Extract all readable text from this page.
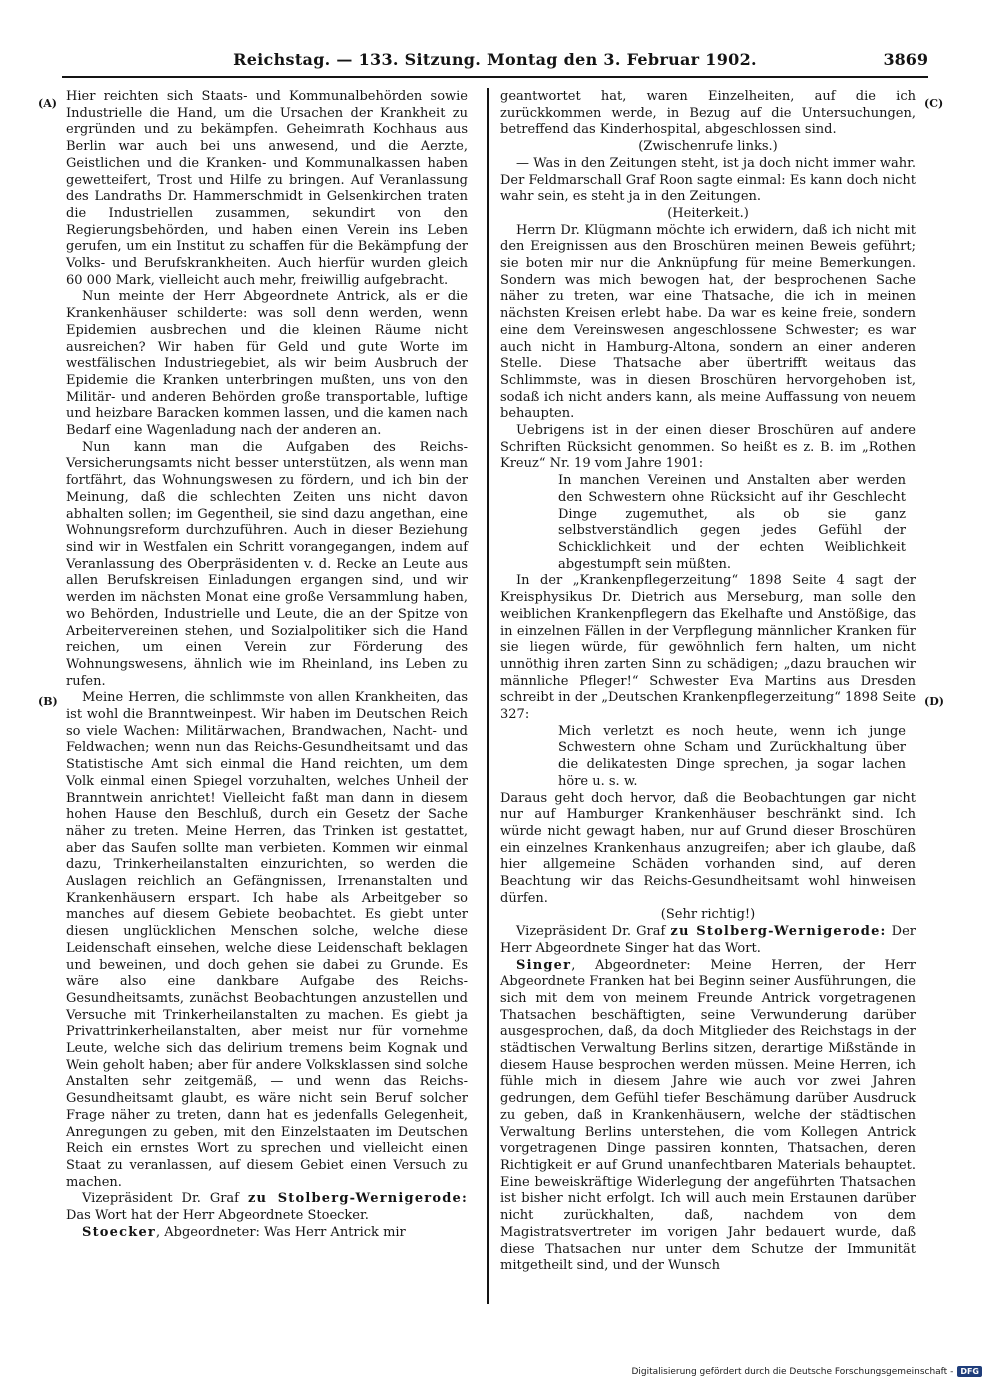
Reichstag. — 133. Sitzung. Montag den 3. Februar 1902.	3869
(A)
(B)
(C)
(D)

Hier reichten sich Staats- und Kommunalbehörden sowie Industrielle die Hand, um die Ursachen der Krankheit zu ergründen und zu bekämpfen. Geheimrath Kochhaus aus Berlin war auch bei uns anwesend, und die Aerzte, Geistlichen und die Kranken- und Kommunalkassen haben gewetteifert, Trost und Hilfe zu bringen. Auf Veranlassung des Landraths Dr. Hammerschmidt in Gelsenkirchen traten die Industriellen zusammen, sekundirt von den Regierungsbehörden, und haben einen Verein ins Leben gerufen, um ein Institut zu schaffen für die Bekämpfung der Volks- und Berufskrankheiten. Auch hierfür wurden gleich 60 000 Mark, vielleicht auch mehr, freiwillig aufgebracht.

Nun meinte der Herr Abgeordnete Antrick, als er die Krankenhäuser schilderte: was soll denn werden, wenn Epidemien ausbrechen und die kleinen Räume nicht ausreichen? Wir haben für Geld und gute Worte im westfälischen Industriegebiet, als wir beim Ausbruch der Epidemie die Kranken unterbringen mußten, uns von den Militär- und anderen Behörden große transportable, luftige und heizbare Baracken kommen lassen, und die kamen nach Bedarf eine Wagenladung nach der anderen an.

Nun kann man die Aufgaben des Reichs-Versicherungsamts nicht besser unterstützen, als wenn man fortfährt, das Wohnungswesen zu fördern, und ich bin der Meinung, daß die schlechten Zeiten uns nicht davon abhalten sollen; im Gegentheil, sie sind dazu angethan, eine Wohnungsreform durchzuführen. Auch in dieser Beziehung sind wir in Westfalen ein Schritt vorangegangen, indem auf Veranlassung des Oberpräsidenten v. d. Recke an Leute aus allen Berufskreisen Einladungen ergangen sind, und wir werden im nächsten Monat eine große Versammlung haben, wo Behörden, Industrielle und Leute, die an der Spitze von Arbeitervereinen stehen, und Sozialpolitiker sich die Hand reichen, um einen Verein zur Förderung des Wohnungswesens, ähnlich wie im Rheinland, ins Leben zu rufen.

Meine Herren, die schlimmste von allen Krankheiten, das ist wohl die Branntweinpest. Wir haben im Deutschen Reich so viele Wachen: Militärwachen, Brandwachen, Nacht- und Feldwachen; wenn nun das Reichs-Gesundheitsamt und das Statistische Amt sich einmal die Hand reichten, um dem Volk einmal einen Spiegel vorzuhalten, welches Unheil der Branntwein anrichtet! Vielleicht faßt man dann in diesem hohen Hause den Beschluß, durch ein Gesetz der Sache näher zu treten. Meine Herren, das Trinken ist gestattet, aber das Saufen sollte man verbieten. Kommen wir einmal dazu, Trinkerheilanstalten einzurichten, so werden die Auslagen reichlich an Gefängnissen, Irrenanstalten und Krankenhäusern erspart. Ich habe als Arbeitgeber so manches auf diesem Gebiete beobachtet. Es giebt unter diesen unglücklichen Menschen solche, welche diese Leidenschaft einsehen, welche diese Leidenschaft beklagen und beweinen, und doch gehen sie dabei zu Grunde. Es wäre also eine dankbare Aufgabe des Reichs-Gesundheitsamts, zunächst Beobachtungen anzustellen und Versuche mit Trinkerheilanstalten zu machen. Es giebt ja Privattrinkerheilanstalten, aber meist nur für vornehme Leute, welche sich das delirium tremens beim Kognak und Wein geholt haben; aber für andere Volksklassen sind solche Anstalten sehr zeitgemäß, — und wenn das Reichs-Gesundheitsamt glaubt, es wäre nicht sein Beruf solcher Frage näher zu treten, dann hat es jedenfalls Gelegenheit, Anregungen zu geben, mit den Einzelstaaten im Deutschen Reich ein ernstes Wort zu sprechen und vielleicht einen Staat zu veranlassen, auf diesem Gebiet einen Versuch zu machen.

Vizepräsident Dr. Graf zu Stolberg-Wernigerode: Das Wort hat der Herr Abgeordnete Stoecker.

Stoecker, Abgeordneter: Was Herr Antrick mir

geantwortet hat, waren Einzelheiten, auf die ich zurückkommen werde, in Bezug auf die Untersuchungen, betreffend das Kinderhospital, abgeschlossen sind.

(Zwischenrufe links.)

— Was in den Zeitungen steht, ist ja doch nicht immer wahr. Der Feldmarschall Graf Roon sagte einmal: Es kann doch nicht wahr sein, es steht ja in den Zeitungen.

(Heiterkeit.)

Herrn Dr. Klügmann möchte ich erwidern, daß ich nicht mit den Ereignissen aus den Broschüren meinen Beweis geführt; sie boten mir nur die Anknüpfung für meine Bemerkungen. Sondern was mich bewogen hat, der besprochenen Sache näher zu treten, war eine Thatsache, die ich in meinen nächsten Kreisen erlebt habe. Da war es keine freie, sondern eine dem Vereinswesen angeschlossene Schwester; es war auch nicht in Hamburg-Altona, sondern an einer anderen Stelle. Diese Thatsache aber übertrifft weitaus das Schlimmste, was in diesen Broschüren hervorgehoben ist, sodaß ich nicht anders kann, als meine Auffassung von neuem behaupten.

Uebrigens ist in der einen dieser Broschüren auf andere Schriften Rücksicht genommen. So heißt es z. B. im „Rothen Kreuz“ Nr. 19 vom Jahre 1901:

In manchen Vereinen und Anstalten aber werden den Schwestern ohne Rücksicht auf ihr Geschlecht Dinge zugemuthet, als ob sie ganz selbstverständlich gegen jedes Gefühl der Schicklichkeit und der echten Weiblichkeit abgestumpft sein müßten.

In der „Krankenpflegerzeitung“ 1898 Seite 4 sagt der Kreisphysikus Dr. Dietrich aus Merseburg, man solle den weiblichen Krankenpflegern das Ekelhafte und Anstößige, das in einzelnen Fällen in der Verpflegung männlicher Kranken für sie liegen würde, für gewöhnlich fern halten, um nicht unnöthig ihren zarten Sinn zu schädigen; „dazu brauchen wir männliche Pfleger!“ Schwester Eva Martins aus Dresden schreibt in der „Deutschen Krankenpflegerzeitung“ 1898 Seite 327:

Mich verletzt es noch heute, wenn ich junge Schwestern ohne Scham und Zurückhaltung über die delikatesten Dinge sprechen, ja sogar lachen höre u. s. w.

Daraus geht doch hervor, daß die Beobachtungen gar nicht nur auf Hamburger Krankenhäuser beschränkt sind. Ich würde nicht gewagt haben, nur auf Grund dieser Broschüren ein einzelnes Krankenhaus anzugreifen; aber ich glaube, daß hier allgemeine Schäden vorhanden sind, auf deren Beachtung wir das Reichs-Gesundheitsamt wohl hinweisen dürfen.

(Sehr richtig!)

Vizepräsident Dr. Graf zu Stolberg-Wernigerode: Der Herr Abgeordnete Singer hat das Wort.

Singer, Abgeordneter: Meine Herren, der Herr Abgeordnete Franken hat bei Beginn seiner Ausführungen, die sich mit dem von meinem Freunde Antrick vorgetragenen Thatsachen beschäftigten, seine Verwunderung darüber ausgesprochen, daß, da doch Mitglieder des Reichstags in der städtischen Verwaltung Berlins sitzen, derartige Mißstände in diesem Hause besprochen werden müssen. Meine Herren, ich fühle mich in diesem Jahre wie auch vor zwei Jahren gedrungen, dem Gefühl tiefer Beschämung darüber Ausdruck zu geben, daß in Krankenhäusern, welche der städtischen Verwaltung Berlins unterstehen, die vom Kollegen Antrick vorgetragenen Dinge passiren konnten, Thatsachen, deren Richtigkeit er auf Grund unanfechtbaren Materials behauptet. Eine beweiskräftige Widerlegung der angeführten Thatsachen ist bisher nicht erfolgt. Ich will auch mein Erstaunen darüber nicht zurückhalten, daß, nachdem von dem Magistratsvertreter im vorigen Jahr bedauert wurde, daß diese Thatsachen nur unter dem Schutze der Immunität mitgetheilt sind, und der Wunsch

Digitalisierung gefördert durch die Deutsche Forschungsgemeinschaft - DFG
